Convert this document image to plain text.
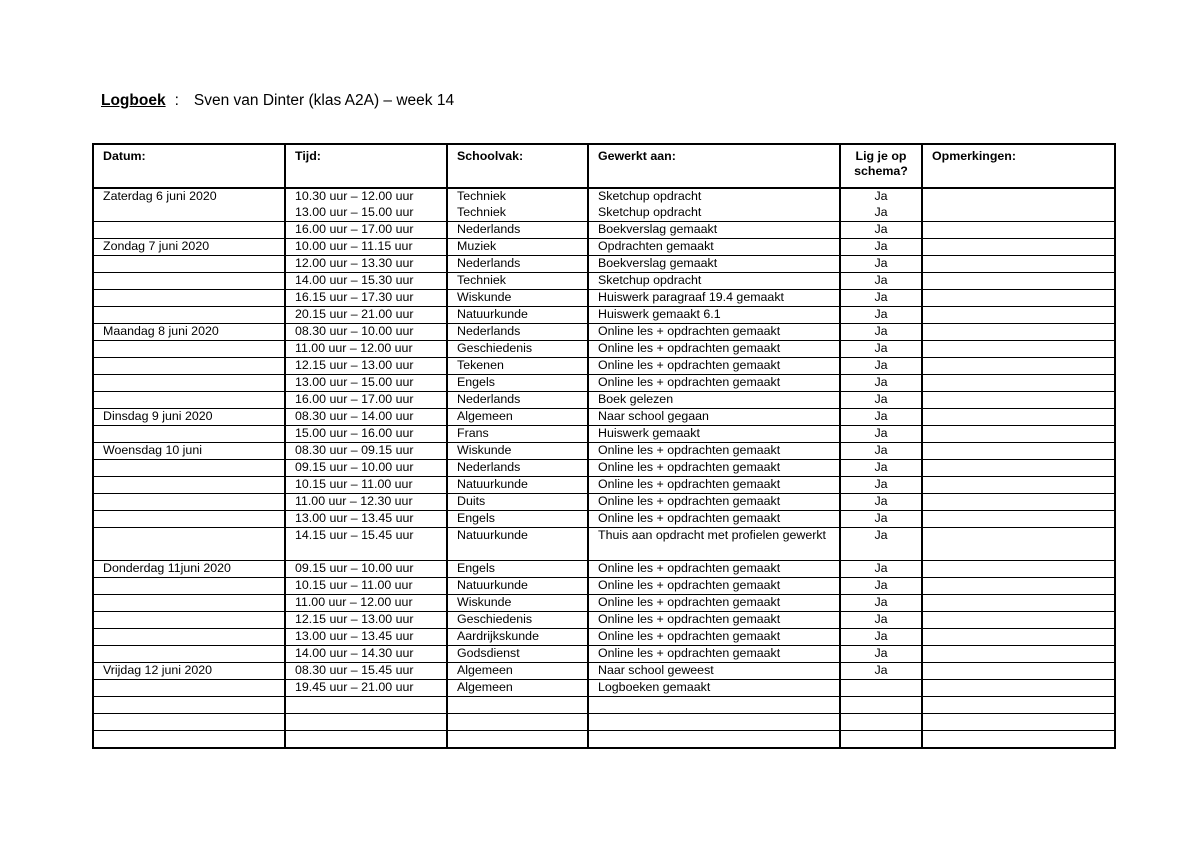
Logboek : Sven van Dinter (klas A2A) – week 14
Datum:	Tijd:	Schoolvak:	Gewerkt aan:	Lig je op schema?	Opmerkingen:
Zaterdag 6 juni 2020	10.30 uur – 12.00 uur	Techniek	Sketchup opdracht	Ja	
	13.00 uur – 15.00 uur	Techniek	Sketchup opdracht	Ja	
	16.00 uur – 17.00 uur	Nederlands	Boekverslag gemaakt	Ja	
Zondag 7 juni 2020	10.00 uur – 11.15 uur	Muziek	Opdrachten gemaakt	Ja	
	12.00 uur – 13.30 uur	Nederlands	Boekverslag gemaakt	Ja	
	14.00 uur – 15.30 uur	Techniek	Sketchup opdracht	Ja	
	16.15 uur – 17.30 uur	Wiskunde	Huiswerk paragraaf 19.4 gemaakt	Ja	
	20.15 uur – 21.00 uur	Natuurkunde	Huiswerk gemaakt 6.1	Ja	
Maandag 8 juni 2020	08.30 uur – 10.00 uur	Nederlands	Online les + opdrachten gemaakt	Ja	
	11.00 uur – 12.00 uur	Geschiedenis	Online les + opdrachten gemaakt	Ja	
	12.15 uur – 13.00 uur	Tekenen	Online les + opdrachten gemaakt	Ja	
	13.00 uur – 15.00 uur	Engels	Online les + opdrachten gemaakt	Ja	
	16.00 uur – 17.00 uur	Nederlands	Boek gelezen	Ja	
Dinsdag 9 juni 2020	08.30 uur – 14.00 uur	Algemeen	Naar school gegaan	Ja	
	15.00 uur – 16.00 uur	Frans	Huiswerk gemaakt	Ja	
Woensdag 10 juni	08.30 uur – 09.15 uur	Wiskunde	Online les + opdrachten gemaakt	Ja	
	09.15 uur – 10.00 uur	Nederlands	Online les + opdrachten gemaakt	Ja	
	10.15 uur – 11.00 uur	Natuurkunde	Online les + opdrachten gemaakt	Ja	
	11.00 uur – 12.30 uur	Duits	Online les + opdrachten gemaakt	Ja	
	13.00 uur – 13.45 uur	Engels	Online les + opdrachten gemaakt	Ja	
	14.15 uur – 15.45 uur	Natuurkunde	Thuis aan opdracht met profielen gewerkt	Ja	
Donderdag 11juni 2020	09.15 uur – 10.00 uur	Engels	Online les + opdrachten gemaakt	Ja	
	10.15 uur – 11.00 uur	Natuurkunde	Online les + opdrachten gemaakt	Ja	
	11.00 uur – 12.00 uur	Wiskunde	Online les + opdrachten gemaakt	Ja	
	12.15 uur – 13.00 uur	Geschiedenis	Online les + opdrachten gemaakt	Ja	
	13.00 uur – 13.45 uur	Aardrijkskunde	Online les + opdrachten gemaakt	Ja	
	14.00 uur – 14.30 uur	Godsdienst	Online les + opdrachten gemaakt	Ja	
Vrijdag 12 juni 2020	08.30 uur – 15.45 uur	Algemeen	Naar school geweest	Ja	
	19.45 uur – 21.00 uur	Algemeen	Logboeken gemaakt		
